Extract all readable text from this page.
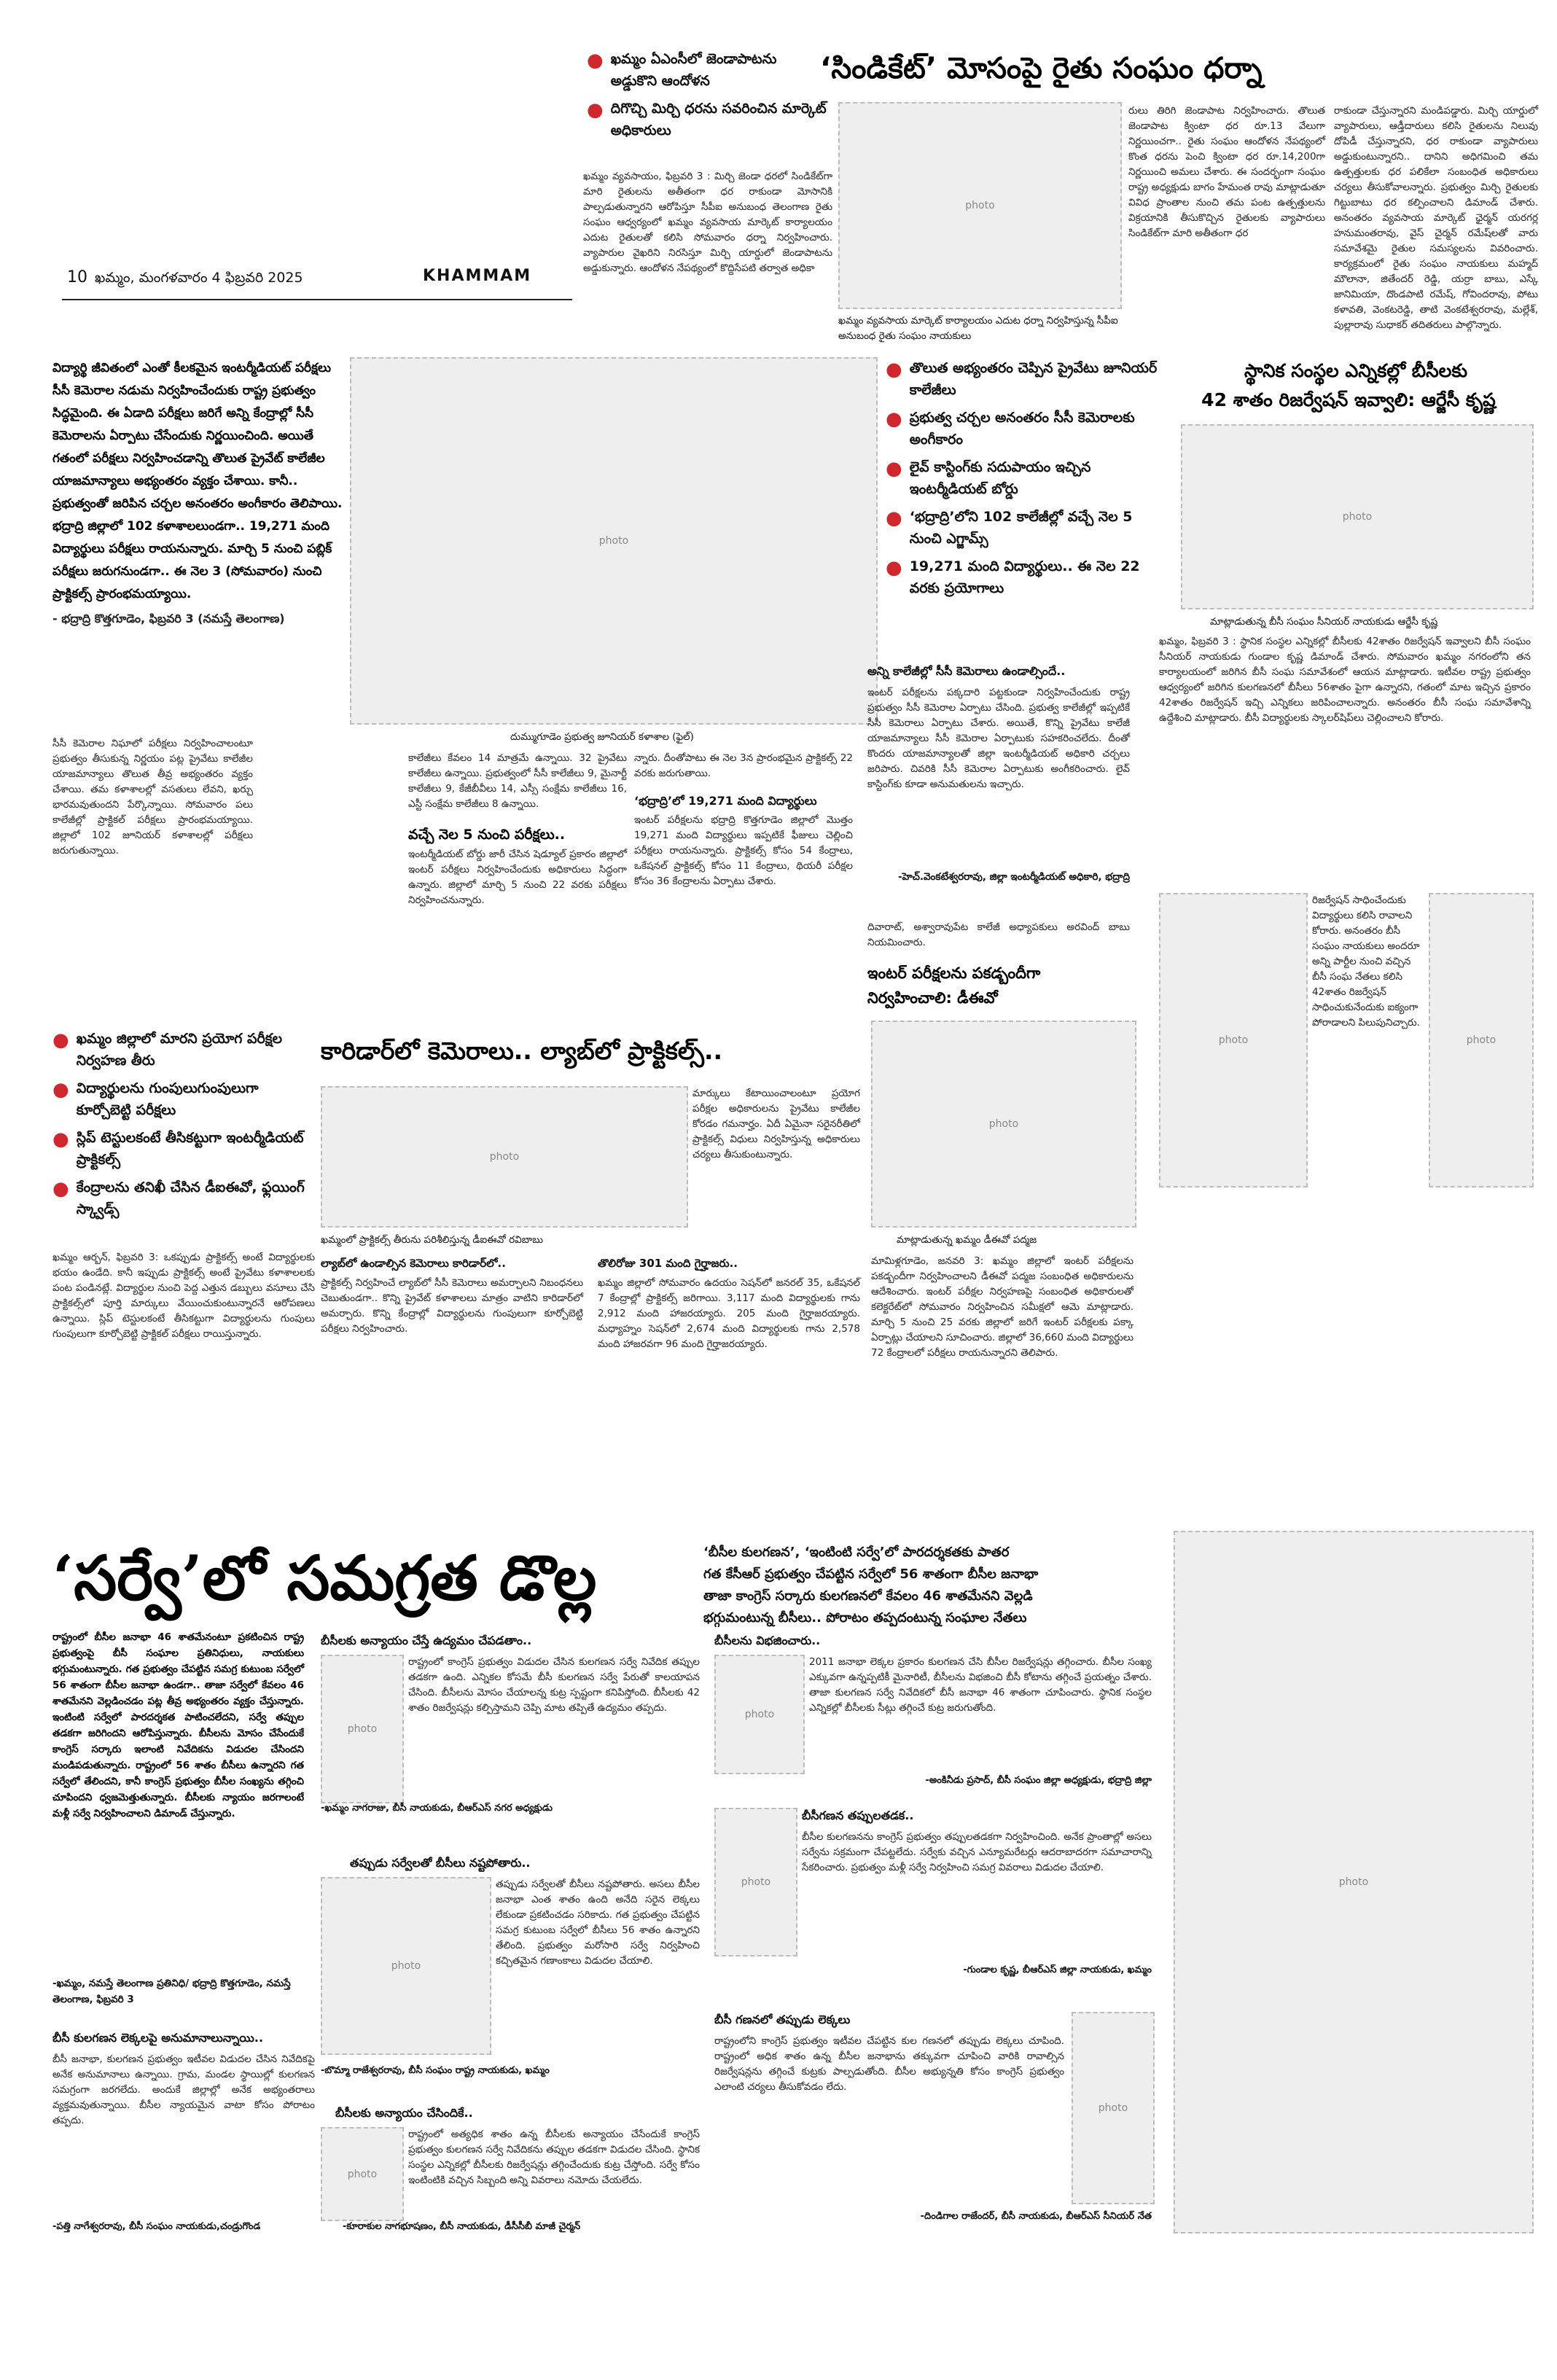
● ఖమ్మం ఏఎంసీలో జెండాపాటను అడ్డుకొని ఆందోళన
● దిగొచ్చి మిర్చి ధరను సవరించిన మార్కెట్ అధికారులు
ఖమ్మం వ్యవసాయం, ఫిబ్రవరి 3 : మిర్చి జెండా ధరలో సిండికేట్‌గా మారి రైతులను అతీతంగా ధర రాకుండా మోసానికి పాల్పడుతున్నారని ఆరోపిస్తూ సీపీఐ అనుబంధ తెలంగాణ రైతు సంఘం ఆధ్వర్యంలో ఖమ్మం వ్యవసాయ మార్కెట్ కార్యాలయం ఎదుట రైతులతో కలిసి సోమవారం ధర్నా నిర్వహించారు. వ్యాపారుల వైఖరిని నిరసిస్తూ మిర్చి యార్డులో జెండాపాటను అడ్డుకున్నారు. ఆందోళన నేపథ్యంలో కొద్దిసేపటి తర్వాత అధికా
‘సిండికేట్’ మోసంపై రైతు సంఘం ధర్నా
photo
ఖమ్మం వ్యవసాయ మార్కెట్ కార్యాలయం ఎదుట ధర్నా నిర్వహిస్తున్న సీపీఐ అనుబంధ రైతు సంఘం నాయకులు
రులు తిరిగి జెండాపాట నిర్వహించారు. తొలుత జెండాపాట క్వింటా ధర రూ.13 వేలుగా నిర్ణయించగా.. రైతు సంఘం ఆందోళన నేపథ్యంలో కొంత ధరను పెంచి క్వింటా ధర రూ.14,200గా నిర్ణయించి అమలు చేశారు. ఈ సందర్భంగా సంఘం రాష్ట్ర అధ్యక్షుడు బాగం హేమంత రావు మాట్లాడుతూ వివిధ ప్రాంతాల నుంచి తమ పంట ఉత్పత్తులను విక్రయానికి తీసుకొచ్చిన రైతులకు వ్యాపారులు సిండికేట్‌గా మారి అతీతంగా ధర
రాకుండా చేస్తున్నారని మండిపడ్డారు. మిర్చి యార్డులో వ్యాపారులు, ఆడ్తీదారులు కలిసి రైతులను నిలువు దోపిడీ చేస్తున్నారని, ధర రాకుండా వ్యాపారులు అడ్డుకుంటున్నారని.. దానిని అధిగమించి తమ ఉత్పత్తులకు ధర పలికేలా సంబంధిత అధికారులు చర్యలు తీసుకోవాలన్నారు. ప్రభుత్వం మిర్చి రైతులకు గిట్టుబాటు ధర కల్పించాలని డిమాండ్ చేశారు. అనంతరం వ్యవసాయ మార్కెట్ ఛైర్మన్ యరగర్ల హనుమంతరావు, వైస్ చైర్మన్ రమేష్‌లతో వారు సమావేశమై రైతుల సమస్యలను వివరించారు. కార్యక్రమంలో రైతు సంఘం నాయకులు మహ్మద్ మౌలానా, జితేందర్ రెడ్డి, యర్రా బాబు, ఎస్కే జానిమియా, దొండపాటి రమేష్, గోవిందరావు, పోటు కళావతి, వెంకటరెడ్డి, తాటి వెంకటేశ్వరరావు, మల్లేశ్, పుల్లారావు సుధాకర్ తదితరులు పాల్గొన్నారు.
10 ఖమ్మం, మంగళవారం 4 ఫిబ్రవరి 2025	KHAMMAM
విద్యార్థి జీవితంలో ఎంతో కీలకమైన ఇంటర్మీడియట్ పరీక్షలు సీసీ కెమెరాల నడుమ నిర్వహించేందుకు రాష్ట్ర ప్రభుత్వం సిద్ధమైంది. ఈ ఏడాది పరీక్షలు జరిగే అన్ని కేంద్రాల్లో సీసీ కెమెరాలను ఏర్పాటు చేసేందుకు నిర్ణయించింది. అయితే గతంలో పరీక్షలు నిర్వహించడాన్ని తొలుత ప్రైవేట్ కాలేజీల యాజమాన్యాలు అభ్యంతరం వ్యక్తం చేశాయి. కానీ.. ప్రభుత్వంతో జరిపిన చర్చల అనంతరం అంగీకారం తెలిపాయి. భద్రాద్రి జిల్లాలో 102 కళాశాలలుండగా.. 19,271 మంది విద్యార్థులు పరీక్షలు రాయనున్నారు. మార్చి 5 నుంచి పబ్లిక్ పరీక్షలు జరుగనుండగా.. ఈ నెల 3 (సోమవారం) నుంచి ప్రాక్టికల్స్ ప్రారంభమయ్యాయి.
- భద్రాద్రి కొత్తగూడెం, ఫిబ్రవరి 3 (నమస్తే తెలంగాణ)
photo
● తొలుత అభ్యంతరం చెప్పిన ప్రైవేటు జూనియర్ కాలేజీలు
● ప్రభుత్వ చర్చల అనంతరం సీసీ కెమెరాలకు అంగీకారం
● లైవ్ కాస్టింగ్‌కు సదుపాయం ఇచ్చిన ఇంటర్మీడియట్ బోర్డు
● ‘భద్రాద్రి’లోని 102 కాలేజీల్లో వచ్చే నెల 5 నుంచి ఎగ్జామ్స్
● 19,271 మంది విద్యార్థులు.. ఈ నెల 22 వరకు ప్రయోగాలు
అన్ని కాలేజీల్లో సీసీ కెమెరాలు ఉండాల్సిందే..
ఇంటర్ పరీక్షలను పక్కదారి పట్టకుండా నిర్వహించేందుకు రాష్ట్ర ప్రభుత్వం సీసీ కెమెరాల ఏర్పాటు చేసింది. ప్రభుత్వ కాలేజీల్లో ఇప్పటికే సీసీ కెమెరాలు ఏర్పాటు చేశారు. అయితే, కొన్ని ప్రైవేటు కాలేజీ యాజమాన్యాలు సీసీ కెమెరాల ఏర్పాటుకు సహకరించలేదు. దీంతో కొందరు యాజమాన్యాలతో జిల్లా ఇంటర్మీడియట్ అధికారి చర్చలు జరిపారు. చివరికి సీసీ కెమెరాల ఏర్పాటుకు అంగీకరించారు. లైవ్ కాస్టింగ్‌కు కూడా అనుమతులను ఇచ్చారు.
-హెచ్.వెంకటేశ్వరరావు, జిల్లా ఇంటర్మీడియట్ అధికారి, భద్రాద్రి
దివారాట్, అశ్వారావుపేట కాలేజీ అధ్యాపకులు అరవింద్ బాబు నియమించారు.
ఇంటర్ పరీక్షలను పకడ్బందీగా నిర్వహించాలి: డీఈవో
సీసీ కెమెరాల నిఘాలో పరీక్షలు నిర్వహించాలంటూ ప్రభుత్వం తీసుకున్న నిర్ణయం పట్ల ప్రైవేటు కాలేజీల యాజమాన్యాలు తొలుత తీవ్ర అభ్యంతరం వ్యక్తం చేశాయి. తమ కళాశాలల్లో వసతులు లేవని, ఖర్చు భారమవుతుందని పేర్కొన్నాయి. సోమవారం పలు కాలేజీల్లో ప్రాక్టికల్ పరీక్షలు ప్రారంభమయ్యాయి. జిల్లాలో 102 జూనియర్ కళాశాలల్లో పరీక్షలు జరుగుతున్నాయి.
దుమ్ముగూడెం ప్రభుత్వ జూనియర్ కళాశాల (ఫైల్)
కాలేజీలు కేవలం 14 మాత్రమే ఉన్నాయి. 32 ప్రైవేటు కాలేజీలు ఉన్నాయి. ప్రభుత్వంలో సీసీ కాలేజీలు 9, మైనార్టీ కాలేజీలు 9, కేజీబీవీలు 14, ఎస్సీ సంక్షేమ కాలేజీలు 16, ఎస్టీ సంక్షేమ కాలేజీలు 8 ఉన్నాయి.
వచ్చే నెల 5 నుంచి పరీక్షలు..
ఇంటర్మీడియట్ బోర్డు జారీ చేసిన షెడ్యూల్ ప్రకారం జిల్లాలో ఇంటర్ పరీక్షలు నిర్వహించేందుకు అధికారులు సిద్ధంగా ఉన్నారు. జిల్లాలో మార్చి 5 నుంచి 22 వరకు పరీక్షలు నిర్వహించనున్నారు.
న్నారు. దీంతోపాటు ఈ నెల 3న ప్రారంభమైన ప్రాక్టికల్స్ 22 వరకు జరుగుతాయి.
‘భద్రాద్రి’లో 19,271 మంది విద్యార్థులు
ఇంటర్ పరీక్షలను భద్రాద్రి కొత్తగూడెం జిల్లాలో మొత్తం 19,271 మంది విద్యార్థులు ఇప్పటికే ఫీజులు చెల్లించి పరీక్షలు రాయనున్నారు. ప్రాక్టికల్స్ కోసం 54 కేంద్రాలు, ఒకేషనల్ ప్రాక్టికల్స్ కోసం 11 కేంద్రాలు, థియరీ పరీక్షల కోసం 36 కేంద్రాలను ఏర్పాటు చేశారు.
● ఖమ్మం జిల్లాలో మారని ప్రయోగ పరీక్షల నిర్వహణ తీరు
● విద్యార్థులను గుంపులుగుంపులుగా కూర్చోబెట్టి పరీక్షలు
● స్లిప్ టెస్టులకంటే తీసికట్టుగా ఇంటర్మీడియట్ ప్రాక్టికల్స్
● కేంద్రాలను తనిఖీ చేసిన డీఐఈవో, ఫ్లయింగ్ స్క్వాడ్స్
కారిడార్‌లో కెమెరాలు.. ల్యాబ్‌లో ప్రాక్టికల్స్..
photo
మార్కులు కేటాయించాలంటూ ప్రయోగ పరీక్షల అధికారులను ప్రైవేటు కాలేజీల కోరడం గమనార్హం. ఏదీ ఏమైనా సరైనరీతిలో ప్రాక్టికల్స్ విధులు నిర్వహిస్తున్న అధికారులు చర్యలు తీసుకుంటున్నారు.
ఖమ్మంలో ప్రాక్టికల్స్ తీరును పరిశీలిస్తున్న డీఐఈవో రవిబాబు
ల్యాబ్‌లో ఉండాల్సిన కెమెరాలు కారిడార్‌లో..
ప్రాక్టికల్స్ నిర్వహించే ల్యాబ్‌లో సీసీ కెమెరాలు అమర్చాలని నిబంధనలు చెబుతుండగా.. కొన్ని ప్రైవేట్ కళాశాలలు మాత్రం వాటిని కారిడార్‌లో అమర్చారు. కొన్ని కేంద్రాల్లో విద్యార్థులను గుంపులుగా కూర్చోబెట్టి పరీక్షలు నిర్వహించారు.
తొలిరోజు 301 మంది గైర్హాజరు..
ఖమ్మం జిల్లాలో సోమవారం ఉదయం సెషన్‌లో జనరల్ 35, ఒకేషనల్ 7 కేంద్రాల్లో ప్రాక్టికల్స్ జరిగాయి. 3,117 మంది విద్యార్థులకు గాను 2,912 మంది హాజరయ్యారు. 205 మంది గైర్హాజరయ్యారు. మధ్యాహ్నం సెషన్‌లో 2,674 మంది విద్యార్థులకు గాను 2,578 మంది హాజరవగా 96 మంది గైర్హాజరయ్యారు.
photo
మాట్లాడుతున్న ఖమ్మం డీఈవో పద్మజ
మామిళ్లగూడెం, జనవరి 3: ఖమ్మం జిల్లాలో ఇంటర్ పరీక్షలను పకడ్బందీగా నిర్వహించాలని డీఈవో పద్మజ సంబంధిత అధికారులను ఆదేశించారు. ఇంటర్ పరీక్షల నిర్వహణపై సంబంధిత అధికారులతో కలెక్టరేట్‌లో సోమవారం నిర్వహించిన సమీక్షలో ఆమె మాట్లాడారు. మార్చి 5 నుంచి 25 వరకు జిల్లాలో జరిగే ఇంటర్ పరీక్షలకు పక్కా ఏర్పాట్లు చేయాలని సూచించారు. జిల్లాలో 36,660 మంది విద్యార్థులు 72 కేంద్రాలలో పరీక్షలు రాయనున్నారని తెలిపారు.
ఖమ్మం ఆర్బన్, ఫిబ్రవరి 3: ఒకప్పుడు ప్రాక్టికల్స్ అంటే విద్యార్థులకు భయం ఉండేది. కానీ ఇప్పుడు ప్రాక్టికల్స్ అంటే ప్రైవేటు కళాశాలలకు పంట పండినట్లే. విద్యార్థుల నుంచి పెద్ద ఎత్తున డబ్బులు వసూలు చేసి ప్రాక్టికల్స్‌లో పూర్తి మార్కులు వేయించుకుంటున్నారనే ఆరోపణలు ఉన్నాయి. స్లిప్ టెస్టులకంటే తీసికట్టుగా విద్యార్థులను గుంపులు గుంపులుగా కూర్చోబెట్టి ప్రాక్టికల్ పరీక్షలు రాయిస్తున్నారు.
స్థానిక సంస్థల ఎన్నికల్లో బీసీలకు
42 శాతం రిజర్వేషన్ ఇవ్వాలి: ఆర్జేసీ కృష్ణ
photo
మాట్లాడుతున్న బీసీ సంఘం సీనియర్ నాయకుడు ఆర్జేసీ కృష్ణ
ఖమ్మం, ఫిబ్రవరి 3 : స్థానిక సంస్థల ఎన్నికల్లో బీసీలకు 42శాతం రిజర్వేషన్ ఇవ్వాలని బీసీ సంఘం సీనియర్ నాయకుడు గుండాల కృష్ణ డిమాండ్ చేశారు. సోమవారం ఖమ్మం నగరంలోని తన కార్యాలయంలో జరిగిన బీసీ సంఘ సమావేశంలో ఆయన మాట్లాడారు. ఇటీవల రాష్ట్ర ప్రభుత్వం ఆధ్వర్యంలో జరిగిన కులగణనలో బీసీలు 56శాతం పైగా ఉన్నారని, గతంలో మాట ఇచ్చిన ప్రకారం 42శాతం రిజర్వేషన్ ఇచ్చి ఎన్నికలు జరిపించాలన్నారు. అనంతరం బీసీ సంఘ సమావేశాన్ని ఉద్దేశించి మాట్లాడారు. బీసీ విద్యార్థులకు స్కాలర్‌షిప్‌లు చెల్లించాలని కోరారు.
photo
రిజర్వేషన్ సాధించేందుకు విద్యార్థులు కలిసి రావాలని కోరారు. అనంతరం బీసీ సంఘం నాయకులు అందరూ అన్ని పార్టీల నుంచి వచ్చిన బీసీ సంఘ నేతలు కలిసి 42శాతం రిజర్వేషన్ సాధించుకునేందుకు ఐక్యంగా పోరాడాలని పిలుపునిచ్చారు.
photo
‘సర్వే’లో సమగ్రత డొల్ల	‘బీసీల కులగణన’, ‘ఇంటింటి సర్వే’లో పారదర్శకతకు పాతర
గత కేసీఆర్ ప్రభుత్వం చేపట్టిన సర్వేలో 56 శాతంగా బీసీల జనాభా
తాజా కాంగ్రెస్ సర్కారు కులగణనలో కేవలం 46 శాతమేనని వెల్లడి
భగ్గుమంటున్న బీసీలు.. పోరాటం తప్పదంటున్న సంఘాల నేతలు
రాష్ట్రంలో బీసీల జనాభా 46 శాతమేనంటూ ప్రకటించిన రాష్ట్ర ప్రభుత్వంపై బీసీ సంఘాల ప్రతినిధులు, నాయకులు భగ్గుమంటున్నారు. గత ప్రభుత్వం చేపట్టిన సమగ్ర కుటుంబ సర్వేలో 56 శాతంగా బీసీల జనాభా ఉండగా.. తాజా సర్వేలో కేవలం 46 శాతమేనని వెల్లడించడం పట్ల తీవ్ర అభ్యంతరం వ్యక్తం చేస్తున్నారు. ఇంటింటి సర్వేలో పారదర్శకత పాటించలేదని, సర్వే తప్పుల తడకగా జరిగిందని ఆరోపిస్తున్నారు. బీసీలను మోసం చేసేందుకే కాంగ్రెస్ సర్కారు ఇలాంటి నివేదికను విడుదల చేసిందని మండిపడుతున్నారు. రాష్ట్రంలో 56 శాతం బీసీలు ఉన్నారని గత సర్వేలో తేలిందని, కానీ కాంగ్రెస్ ప్రభుత్వం బీసీల సంఖ్యను తగ్గించి చూపిందని ధ్వజమెత్తుతున్నారు. బీసీలకు న్యాయం జరగాలంటే మళ్లీ సర్వే నిర్వహించాలని డిమాండ్ చేస్తున్నారు.
-ఖమ్మం, నమస్తే తెలంగాణ ప్రతినిధి/ భద్రాద్రి కొత్తగూడెం, నమస్తే తెలంగాణ, ఫిబ్రవరి 3
బీసీ కులగణన లెక్కలపై అనుమానాలున్నాయి..
బీసీ జనాభా, కులగణన ప్రభుత్వం ఇటీవల విడుదల చేసిన నివేదికపై అనేక అనుమానాలు ఉన్నాయి. గ్రామ, మండల స్థాయిల్లో కులగణన సమగ్రంగా జరగలేదు. అందుకే జిల్లాల్లో అనేక అభ్యంతరాలు వ్యక్తమవుతున్నాయి. బీసీల న్యాయమైన వాటా కోసం పోరాటం తప్పదు.
-పత్తి నాగేశ్వరరావు, బీసీ సంఘం నాయకుడు,చండ్రుగొండ
బీసీలకు అన్యాయం చేస్తే ఉద్యమం చేపడతాం..
రాష్ట్రంలో కాంగ్రెస్ ప్రభుత్వం విడుదల చేసిన కులగణన సర్వే నివేదిక తప్పుల తడకగా ఉంది. ఎన్నికల కోసమే బీసీ కులగణన సర్వే పేరుతో కాలయాపన చేసింది. బీసీలను మోసం చేయాలన్న కుట్ర స్పష్టంగా కనిపిస్తోంది. బీసీలకు 42 శాతం రిజర్వేషన్లు కల్పిస్తామని చెప్పి మాట తప్పితే ఉద్యమం తప్పదు.
photo
-ఖమ్మం నాగరాజు, బీసీ నాయకుడు, బీఆర్‌ఎస్ నగర అధ్యక్షుడు
తప్పుడు సర్వేలతో బీసీలు నష్టపోతారు..
తప్పుడు సర్వేలతో బీసీలు నష్టపోతారు. అసలు బీసీల జనాభా ఎంత శాతం ఉంది అనేది సరైన లెక్కలు లేకుండా ప్రకటించడం సరికాదు. గత ప్రభుత్వం చేపట్టిన సమగ్ర కుటుంబ సర్వేలో బీసీలు 56 శాతం ఉన్నారని తేలింది. ప్రభుత్వం మరోసారి సర్వే నిర్వహించి కచ్చితమైన గణాంకాలు విడుదల చేయాలి.
photo
-బొమ్మా రాజేశ్వరరావు, బీసీ సంఘం రాష్ట్ర నాయకుడు, ఖమ్మం
బీసీలకు అన్యాయం చేసిందికే..
రాష్ట్రంలో అత్యధిక శాతం ఉన్న బీసీలకు అన్యాయం చేసేందుకే కాంగ్రెస్ ప్రభుత్వం కులగణన సర్వే నివేదికను తప్పుల తడకగా విడుదల చేసింది. స్థానిక సంస్థల ఎన్నికల్లో బీసీలకు రిజర్వేషన్లు తగ్గించేందుకు కుట్ర చేస్తోంది. సర్వే కోసం ఇంటింటికి వచ్చిన సిబ్బంది అన్ని వివరాలు నమోదు చేయలేదు.
photo
-కూరాకుల నాగభూషణం, బీసీ నాయకుడు, డీసీసీబీ మాజీ చైర్మన్
బీసీలను విభజించారు..
2011 జనాభా లెక్కల ప్రకారం కులగణన చేసి బీసీల రిజర్వేషన్లు తగ్గించారు. బీసీల సంఖ్య ఎక్కువగా ఉన్నప్పటికీ మైనారిటీ, బీసీలను విభజించి బీసీ కోటాను తగ్గించే ప్రయత్నం చేశారు. తాజా కులగణన సర్వే నివేదికలో బీసీ జనాభా 46 శాతంగా చూపించారు. స్థానిక సంస్థల ఎన్నికల్లో బీసీలకు సీట్లు తగ్గించే కుట్ర జరుగుతోంది.
photo
-అంకినీడు ప్రసాద్, బీసీ సంఘం జిల్లా అధ్యక్షుడు, భద్రాద్రి జిల్లా
బీసీగణన తప్పులతడక..
బీసీల కులగణనను కాంగ్రెస్ ప్రభుత్వం తప్పులతడకగా నిర్వహించింది. అనేక ప్రాంతాల్లో అసలు సర్వేను సక్రమంగా చేపట్టలేదు. సర్వేకు వచ్చిన ఎన్యూమరేటర్లు ఆదరాబాదరగా సమాచారాన్ని సేకరించారు. ప్రభుత్వం మళ్లీ సర్వే నిర్వహించి సమగ్ర వివరాలు విడుదల చేయాలి.
photo
-గుండాల కృష్ణ, బీఆర్‌ఎస్ జిల్లా నాయకుడు, ఖమ్మం
బీసీ గణనలో తప్పుడు లెక్కలు
రాష్ట్రంలోని కాంగ్రెస్ ప్రభుత్వం ఇటీవల చేపట్టిన కుల గణనలో తప్పుడు లెక్కలు చూపింది. రాష్ట్రంలో అధిక శాతం ఉన్న బీసీల జనాభాను తక్కువగా చూపించి వారికి రావాల్సిన రిజర్వేషన్లను తగ్గించే కుట్రకు పాల్పడుతోంది. బీసీల అభ్యున్నతి కోసం కాంగ్రెస్ ప్రభుత్వం ఎలాంటి చర్యలు తీసుకోవడం లేదు.
photo
-దిండిగాల రాజేందర్, బీసీ నాయకుడు, బీఆర్‌ఎస్ సీనియర్ నేత
photo
